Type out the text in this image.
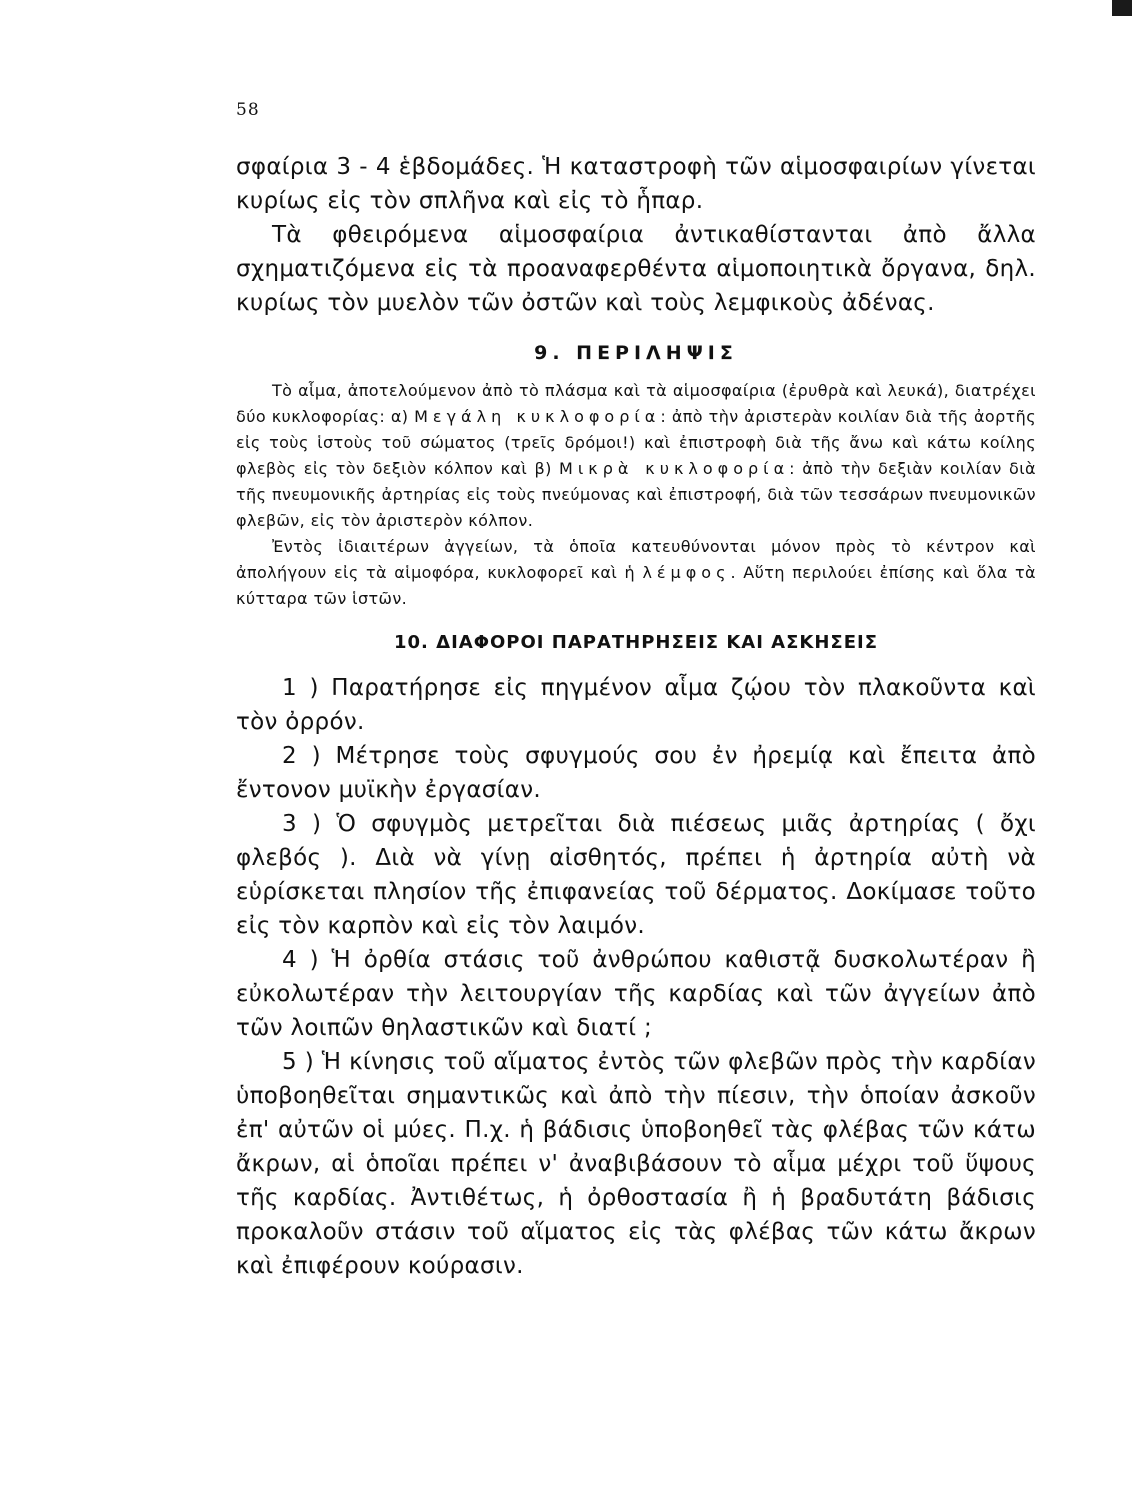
58

σφαίρια 3 - 4 ἑβδομάδες. Ἡ καταστροφὴ τῶν αἱμοσφαιρίων γίνεται κυρίως εἰς τὸν σπλῆνα καὶ εἰς τὸ ἧπαρ.

Τὰ φθειρόμενα αἱμοσφαίρια ἀντικαθίστανται ἀπὸ ἄλλα σχηματιζόμενα εἰς τὰ προαναφερθέντα αἱμοποιητικὰ ὄργανα, δηλ. κυρίως τὸν μυελὸν τῶν ὀστῶν καὶ τοὺς λεμφικοὺς ἀδένας.

9. ΠΕΡΙΛΗΨΙΣ

Τὸ αἷμα, ἀποτελούμενον ἀπὸ τὸ πλάσμα καὶ τὰ αἱμοσφαίρια (ἐρυθρὰ καὶ λευκά), διατρέχει δύο κυκλοφορίας: α) Μεγάλη κυκλοφορία: ἀπὸ τὴν ἀριστερὰν κοιλίαν διὰ τῆς ἀορτῆς εἰς τοὺς ἱστοὺς τοῦ σώματος (τρεῖς δρόμοι!) καὶ ἐπιστροφὴ διὰ τῆς ἄνω καὶ κάτω κοίλης φλεβὸς εἰς τὸν δεξιὸν κόλπον καὶ β) Μικρὰ κυκλοφορία: ἀπὸ τὴν δεξιὰν κοιλίαν διὰ τῆς πνευμονικῆς ἀρτηρίας εἰς τοὺς πνεύμονας καὶ ἐπιστροφή, διὰ τῶν τεσσάρων πνευμονικῶν φλεβῶν, εἰς τὸν ἀριστερὸν κόλπον.

Ἐντὸς ἰδιαιτέρων ἀγγείων, τὰ ὁποῖα κατευθύνονται μόνον πρὸς τὸ κέντρον καὶ ἀπολήγουν εἰς τὰ αἱμοφόρα, κυκλοφορεῖ καὶ ἡ λέμφος. Αὕτη περιλούει ἐπίσης καὶ ὅλα τὰ κύτταρα τῶν ἱστῶν.

10. ΔΙΑΦΟΡΟΙ ΠΑΡΑΤΗΡΗΣΕΙΣ ΚΑΙ ΑΣΚΗΣΕΙΣ

1 ) Παρατήρησε εἰς πηγμένον αἷμα ζῴου τὸν πλακοῦντα καὶ τὸν ὀρρόν.

2 ) Μέτρησε τοὺς σφυγμούς σου ἐν ἠρεμίᾳ καὶ ἔπειτα ἀπὸ ἔντονον μυϊκὴν ἐργασίαν.

3 ) Ὁ σφυγμὸς μετρεῖται διὰ πιέσεως μιᾶς ἀρτηρίας ( ὄχι φλεβός ). Διὰ νὰ γίνῃ αἰσθητός, πρέπει ἡ ἀρτηρία αὐτὴ νὰ εὑρίσκεται πλησίον τῆς ἐπιφανείας τοῦ δέρματος. Δοκίμασε τοῦτο εἰς τὸν καρπὸν καὶ εἰς τὸν λαιμόν.

4 ) Ἡ ὀρθία στάσις τοῦ ἀνθρώπου καθιστᾷ δυσκολωτέραν ἢ εὐκολωτέραν τὴν λειτουργίαν τῆς καρδίας καὶ τῶν ἀγγείων ἀπὸ τῶν λοιπῶν θηλαστικῶν καὶ διατί ;

5 ) Ἡ κίνησις τοῦ αἵματος ἐντὸς τῶν φλεβῶν πρὸς τὴν καρδίαν ὑποβοηθεῖται σημαντικῶς καὶ ἀπὸ τὴν πίεσιν, τὴν ὁποίαν ἀσκοῦν ἐπ' αὐτῶν οἱ μύες. Π.χ. ἡ βάδισις ὑποβοηθεῖ τὰς φλέβας τῶν κάτω ἄκρων, αἱ ὁποῖαι πρέπει ν' ἀναβιβάσουν τὸ αἷμα μέχρι τοῦ ὕψους τῆς καρδίας. Ἀντιθέτως, ἡ ὀρθοστασία ἢ ἡ βραδυτάτη βάδισις προκαλοῦν στάσιν τοῦ αἵματος εἰς τὰς φλέβας τῶν κάτω ἄκρων καὶ ἐπιφέρουν κούρασιν.
